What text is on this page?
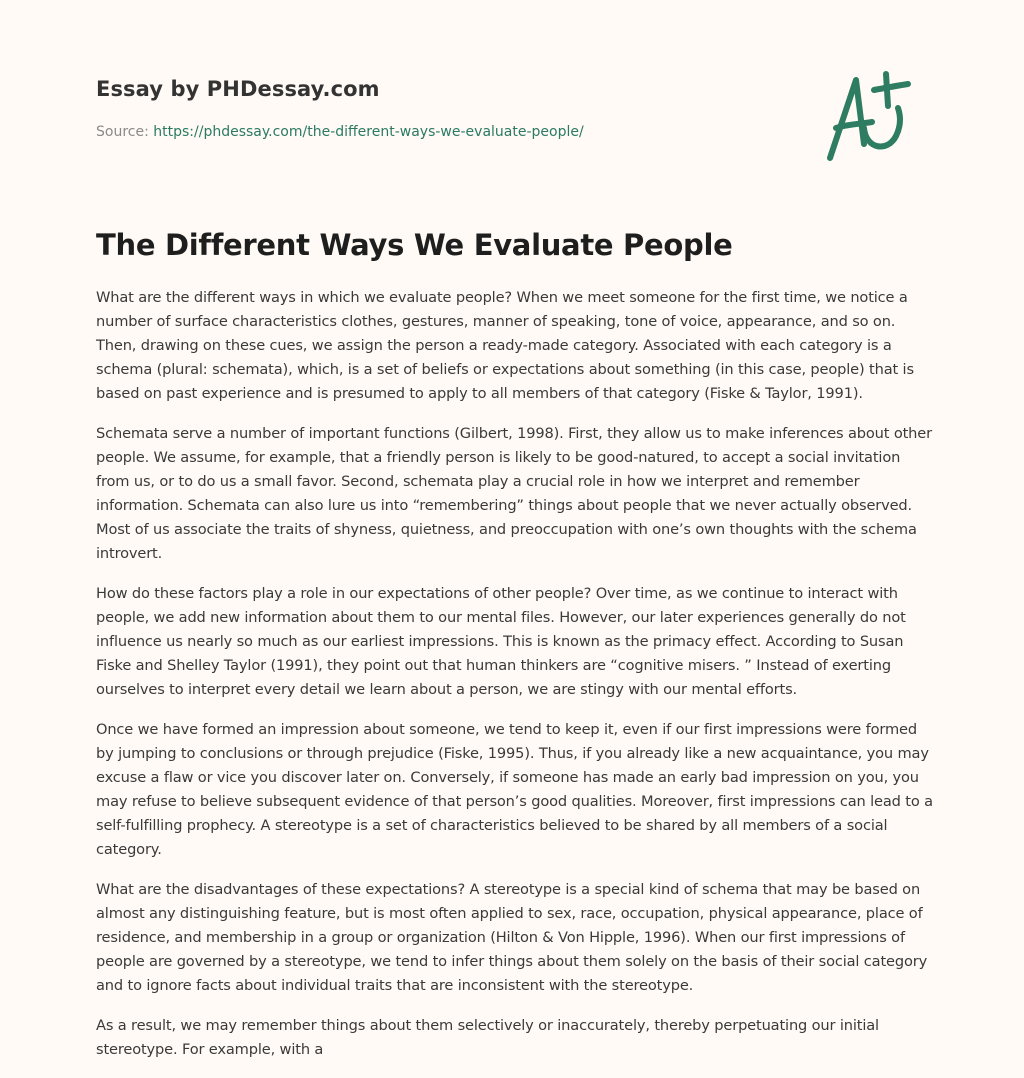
Essay by PHDessay.com
Source: https://phdessay.com/the-different-ways-we-evaluate-people/
The Different Ways We Evaluate People

What are the different ways in which we evaluate people? When we meet someone for the first time, we notice a number of surface characteristics clothes, gestures, manner of speaking, tone of voice, appearance, and so on. Then, drawing on these cues, we assign the person a ready-made category. Associated with each category is a schema (plural: schemata), which, is a set of beliefs or expectations about something (in this case, people) that is based on past experience and is presumed to apply to all members of that category (Fiske & Taylor, 1991).

Schemata serve a number of important functions (Gilbert, 1998). First, they allow us to make inferences about other people. We assume, for example, that a friendly person is likely to be good-natured, to accept a social invitation from us, or to do us a small favor. Second, schemata play a crucial role in how we interpret and remember information. Schemata can also lure us into “remembering” things about people that we never actually observed. Most of us associate the traits of shyness, quietness, and preoccupation with one’s own thoughts with the schema introvert.

How do these factors play a role in our expectations of other people? Over time, as we continue to interact with people, we add new information about them to our mental files. However, our later experiences generally do not influence us nearly so much as our earliest impressions. This is known as the primacy effect. According to Susan Fiske and Shelley Taylor (1991), they point out that human thinkers are “cognitive misers. ” Instead of exerting ourselves to interpret every detail we learn about a person, we are stingy with our mental efforts.

Once we have formed an impression about someone, we tend to keep it, even if our first impressions were formed by jumping to conclusions or through prejudice (Fiske, 1995). Thus, if you already like a new acquaintance, you may excuse a flaw or vice you discover later on. Conversely, if someone has made an early bad impression on you, you may refuse to believe subsequent evidence of that person’s good qualities. Moreover, first impressions can lead to a self-fulfilling prophecy. A stereotype is a set of characteristics believed to be shared by all members of a social category.

What are the disadvantages of these expectations? A stereotype is a special kind of schema that may be based on almost any distinguishing feature, but is most often applied to sex, race, occupation, physical appearance, place of residence, and membership in a group or organization (Hilton & Von Hipple, 1996). When our first impressions of people are governed by a stereotype, we tend to infer things about them solely on the basis of their social category and to ignore facts about individual traits that are inconsistent with the stereotype.

As a result, we may remember things about them selectively or inaccurately, thereby perpetuating our initial stereotype. For example, with a
